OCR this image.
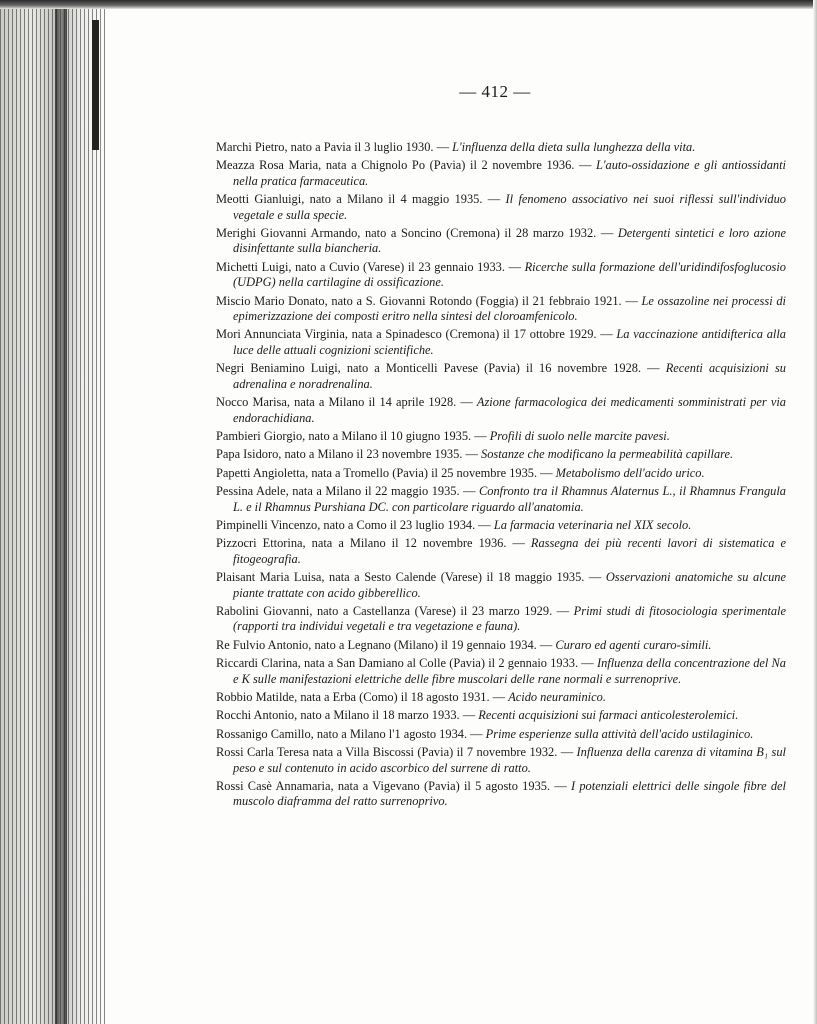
— 412 —
Marchi Pietro, nato a Pavia il 3 luglio 1930. — L'influenza della dieta sulla lunghezza della vita.
Meazza Rosa Maria, nata a Chignolo Po (Pavia) il 2 novembre 1936. — L'auto-ossidazione e gli antiossidanti nella pratica farmaceutica.
Meotti Gianluigi, nato a Milano il 4 maggio 1935. — Il fenomeno associativo nei suoi riflessi sull'individuo vegetale e sulla specie.
Merighi Giovanni Armando, nato a Soncino (Cremona) il 28 marzo 1932. — Detergenti sintetici e loro azione disinfettante sulla biancheria.
Michetti Luigi, nato a Cuvio (Varese) il 23 gennaio 1933. — Ricerche sulla formazione dell'uridindifosfoglucosio (UDPG) nella cartilagine di ossificazione.
Miscio Mario Donato, nato a S. Giovanni Rotondo (Foggia) il 21 febbraio 1921. — Le ossazoline nei processi di epimerizzazione dei composti eritro nella sintesi del cloroamfenicolo.
Mori Annunciata Virginia, nata a Spinadesco (Cremona) il 17 ottobre 1929. — La vaccinazione antidifterica alla luce delle attuali cognizioni scientifiche.
Negri Beniamino Luigi, nato a Monticelli Pavese (Pavia) il 16 novembre 1928. — Recenti acquisizioni su adrenalina e noradrenalina.
Nocco Marisa, nata a Milano il 14 aprile 1928. — Azione farmacologica dei medicamenti somministrati per via endorachidiana.
Pambieri Giorgio, nato a Milano il 10 giugno 1935. — Profili di suolo nelle marcite pavesi.
Papa Isidoro, nato a Milano il 23 novembre 1935. — Sostanze che modificano la permeabilità capillare.
Papetti Angioletta, nata a Tromello (Pavia) il 25 novembre 1935. — Metabolismo dell'acido urico.
Pessina Adele, nata a Milano il 22 maggio 1935. — Confronto tra il Rhamnus Alaternus L., il Rhamnus Frangula L. e il Rhamnus Purshiana DC. con particolare riguardo all'anatomia.
Pimpinelli Vincenzo, nato a Como il 23 luglio 1934. — La farmacia veterinaria nel XIX secolo.
Pizzocri Ettorina, nata a Milano il 12 novembre 1936. — Rassegna dei più recenti lavori di sistematica e fitogeografia.
Plaisant Maria Luisa, nata a Sesto Calende (Varese) il 18 maggio 1935. — Osservazioni anatomiche su alcune piante trattate con acido gibberellico.
Rabolini Giovanni, nato a Castellanza (Varese) il 23 marzo 1929. — Primi studi di fitosociologia sperimentale (rapporti tra individui vegetali e tra vegetazione e fauna).
Re Fulvio Antonio, nato a Legnano (Milano) il 19 gennaio 1934. — Curaro ed agenti curaro-simili.
Riccardi Clarina, nata a San Damiano al Colle (Pavia) il 2 gennaio 1933. — Influenza della concentrazione del Na e K sulle manifestazioni elettriche delle fibre muscolari delle rane normali e surrenoprive.
Robbio Matilde, nata a Erba (Como) il 18 agosto 1931. — Acido neuraminico.
Rocchi Antonio, nato a Milano il 18 marzo 1933. — Recenti acquisizioni sui farmaci anticolesterolemici.
Rossanigo Camillo, nato a Milano l'1 agosto 1934. — Prime esperienze sulla attività dell'acido ustilaginico.
Rossi Carla Teresa nata a Villa Biscossi (Pavia) il 7 novembre 1932. — Influenza della carenza di vitamina B₁ sul peso e sul contenuto in acido ascorbico del surrene di ratto.
Rossi Casè Annamaria, nata a Vigevano (Pavia) il 5 agosto 1935. — I potenziali elettrici delle singole fibre del muscolo diaframma del ratto surrenoprivo.
